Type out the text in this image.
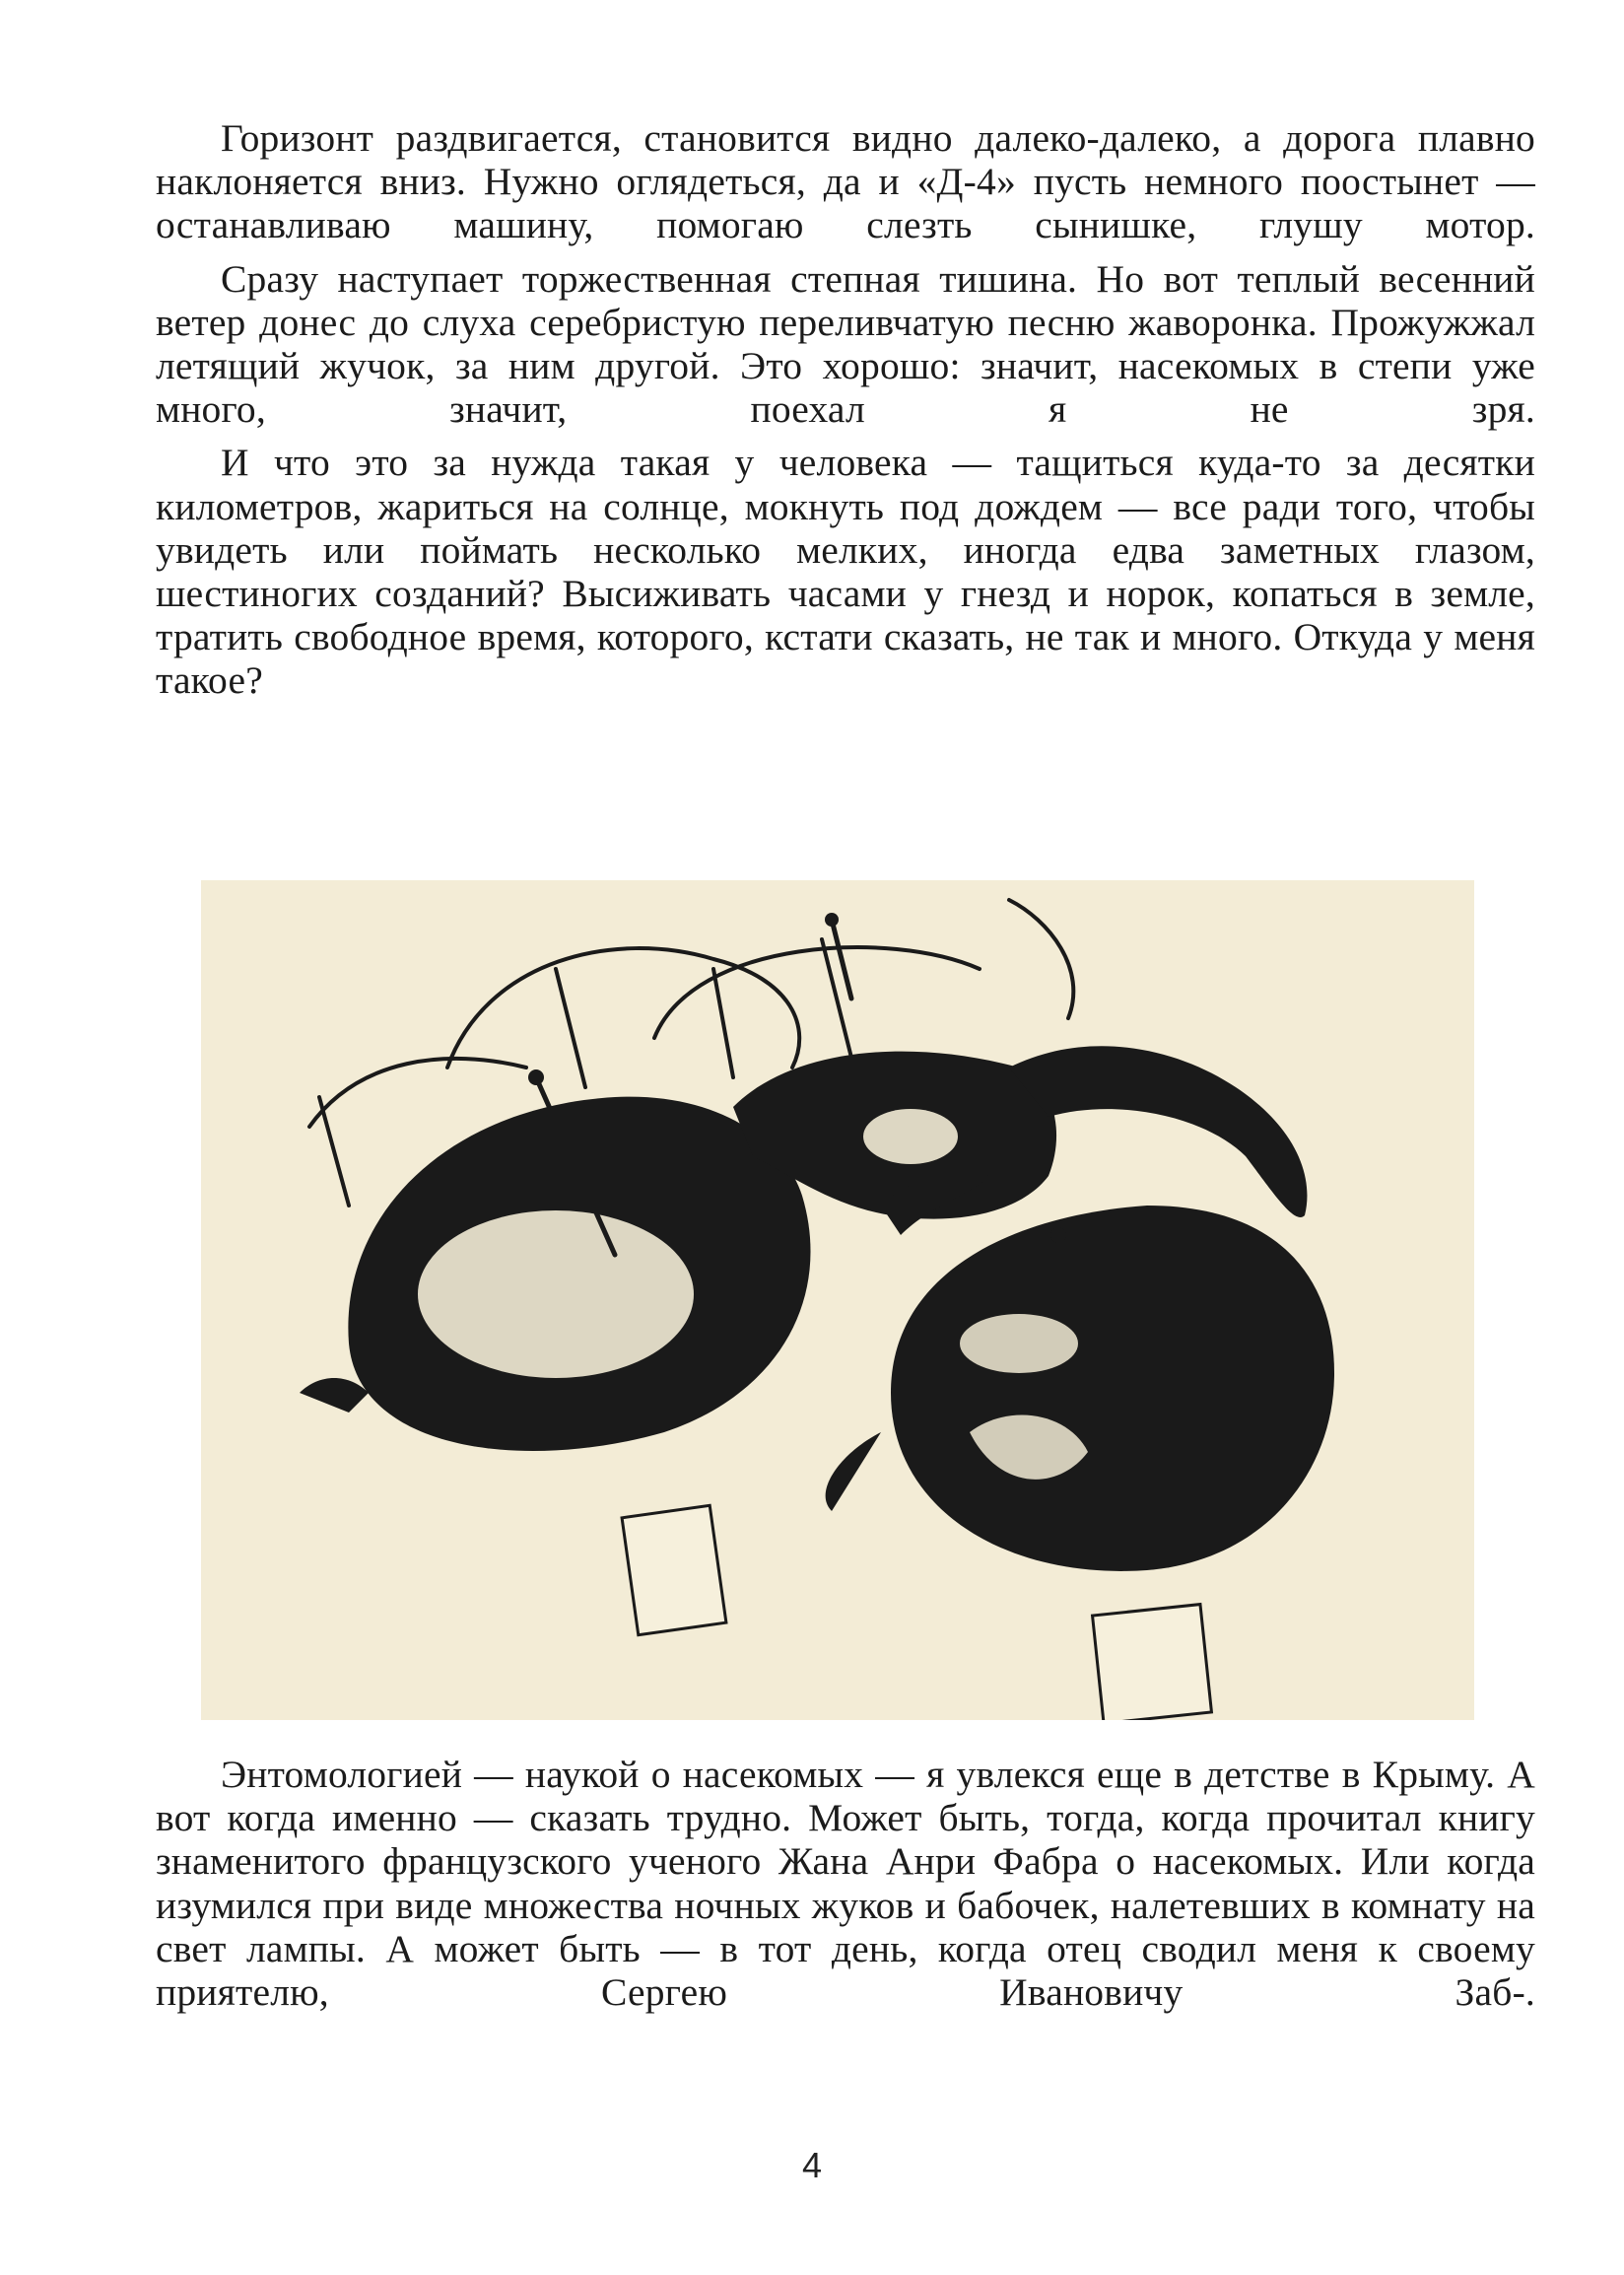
Горизонт раздвигается, становится видно далеко-далеко, а дорога плавно наклоняется вниз. Нужно оглядеться, да и «Д-4» пусть немного поостынет — останавливаю машину, помогаю слезть сынишке, глушу мотор.

Сразу наступает торжественная степная тишина. Но вот теплый весенний ветер донес до слуха серебристую переливчатую песню жаворонка. Прожужжал летящий жучок, за ним другой. Это хорошо: значит, насекомых в степи уже много, значит, поехал я не зря.

И что это за нужда такая у человека — тащиться куда-то за десятки километров, жариться на солнце, мокнуть под дождем — все ради того, чтобы увидеть или поймать несколько мелких, иногда едва заметных глазом, шестиногих созданий? Высиживать часами у гнезд и норок, копаться в земле, тратить свободное время, которого, кстати сказать, не так и много. Откуда у меня такое?

Энтомологией — наукой о насекомых — я увлекся еще в детстве в Крыму. А вот когда именно — сказать трудно. Может быть, тогда, когда прочитал книгу знаменитого французского ученого Жана Анри Фабра о насекомых. Или когда изумился при виде множества ночных жуков и бабочек, налетевших в комнату на свет лампы. А может быть — в тот день, когда отец сводил меня к своему приятелю, Сергею Ивановичу Заб-.

4
